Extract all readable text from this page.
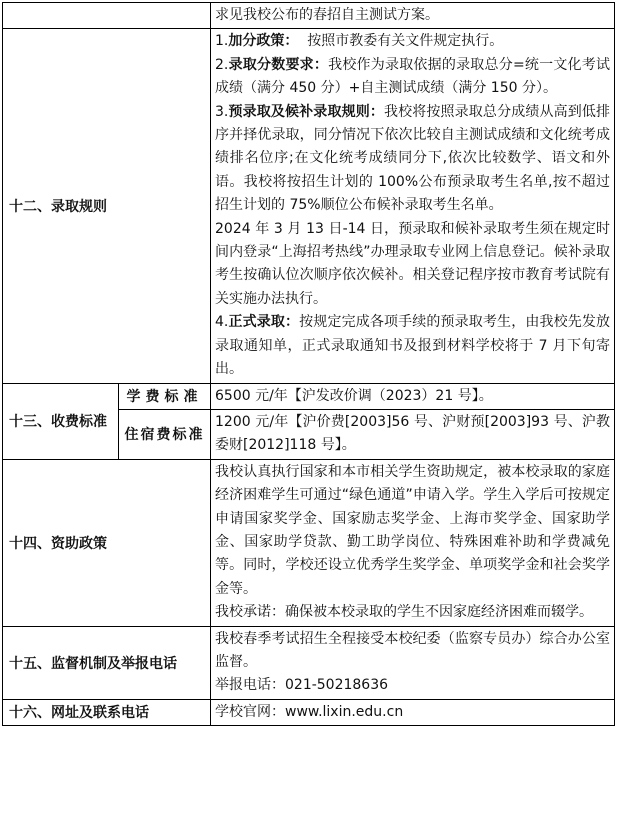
		求见我校公布的春招自主测试方案。

十二、录取规则		1.加分政策： 按照市教委有关文件规定执行。

2.录取分数要求：我校作为录取依据的录取总分=统一文化考试成绩（满分 450 分）+自主测试成绩（满分 150 分）。

3.预录取及候补录取规则：我校将按照录取总分成绩从高到低排序并择优录取，同分情况下依次比较自主测试成绩和文化统考成绩排名位序;在文化统考成绩同分下,依次比较数学、语文和外语。我校将按招生计划的 100%公布预录取考生名单,按不超过招生计划的 75%顺位公布候补录取考生名单。

2024 年 3 月 13 日-14 日，预录取和候补录取考生须在规定时间内登录“上海招考热线”办理录取专业网上信息登记。候补录取考生按确认位次顺序依次候补。相关登记程序按市教育考试院有关实施办法执行。

4.正式录取：按规定完成各项手续的预录取考生，由我校先发放录取通知单，正式录取通知书及报到材料学校将于 7 月下旬寄出。

十三、收费标准	学费标准	6500 元/年【沪发改价调（2023）21 号】。

	住宿费标准	1200 元/年【沪价费[2003]56 号、沪财预[2003]93 号、沪教委财[2012]118 号】。

十四、资助政策		我校认真执行国家和本市相关学生资助规定，被本校录取的家庭经济困难学生可通过“绿色通道”申请入学。学生入学后可按规定申请国家奖学金、国家励志奖学金、上海市奖学金、国家助学金、国家助学贷款、勤工助学岗位、特殊困难补助和学费减免等。同时，学校还设立优秀学生奖学金、单项奖学金和社会奖学金等。

我校承诺：确保被本校录取的学生不因家庭经济困难而辍学。

十五、监督机制及举报电话		我校春季考试招生全程接受本校纪委（监察专员办）综合办公室监督。

举报电话：021-50218636

十六、网址及联系电话		学校官网：www.lixin.edu.cn
